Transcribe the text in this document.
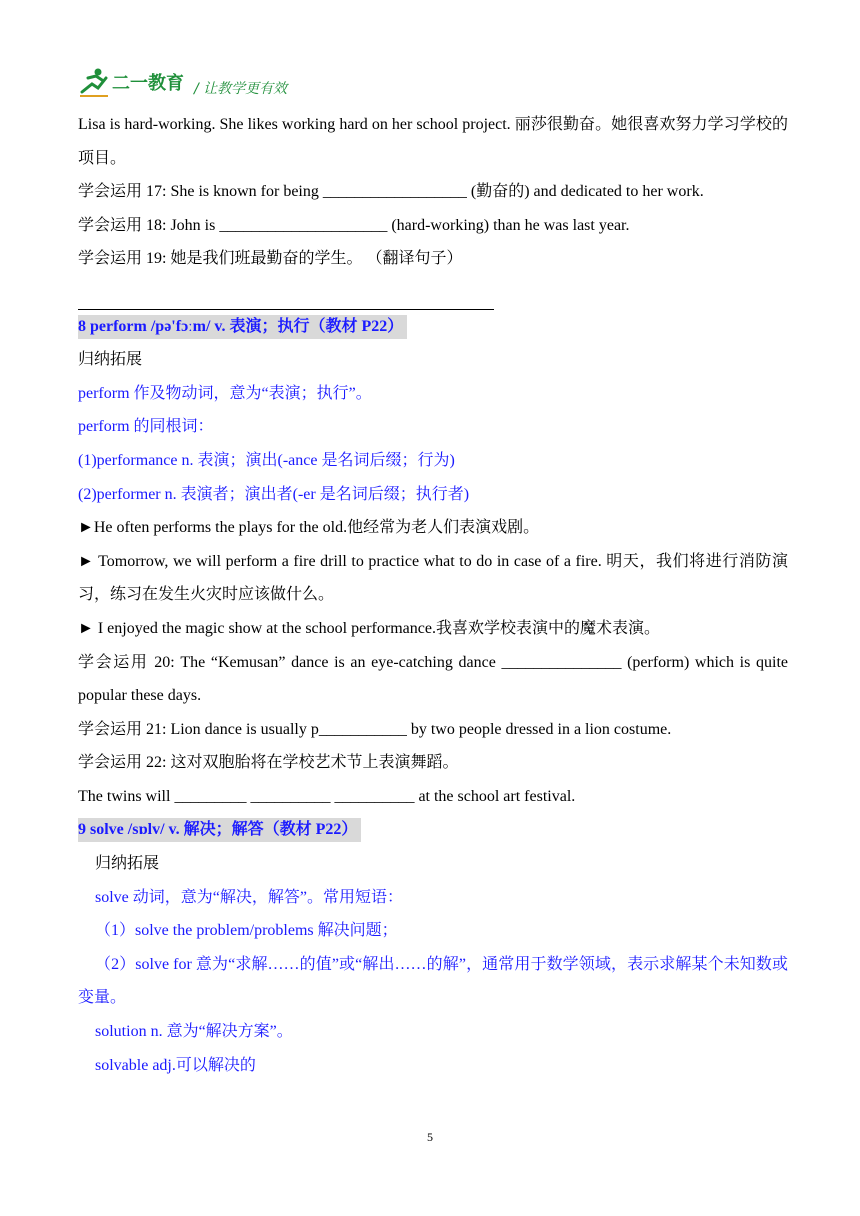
二一教育 / 让教学更有效
Lisa is hard-working. She likes working hard on her school project. 丽莎很勤奋。她很喜欢努力学习学校的项目。
学会运用 17: She is known for being __________________ (勤奋的) and dedicated to her work.
学会运用 18: John is _____________________ (hard-working) than he was last year.
学会运用 19: 她是我们班最勤奋的学生。 （翻译句子）
8 perform /pə'fɔːm/ v. 表演；执行（教材 P22）
归纳拓展
perform 作及物动词，意为“表演；执行”。
perform 的同根词：
(1)performance n. 表演；演出(-ance 是名词后缀；行为)
(2)performer n. 表演者；演出者(-er 是名词后缀；执行者)
►He often performs the plays for the old.他经常为老人们表演戏剧。
► Tomorrow, we will perform a fire drill to practice what to do in case of a fire. 明天，我们将进行消防演习，练习在发生火灾时应该做什么。
► I enjoyed the magic show at the school performance.我喜欢学校表演中的魔术表演。
学会运用 20: The “Kemusan” dance is an eye-catching dance _______________ (perform) which is quite popular these days.
学会运用 21: Lion dance is usually p___________ by two people dressed in a lion costume.
学会运用 22: 这对双胞胎将在学校艺术节上表演舞蹈。
The twins will _________ __________ __________ at the school art festival.
9 solve /sɒlv/ v. 解决；解答（教材 P22）
归纳拓展
solve 动词，意为“解决，解答”。常用短语：
（1）solve the problem/problems 解决问题；
（2）solve for 意为“求解……的值”或“解出……的解”，通常用于数学领域，表示求解某个未知数或变量。
solution n. 意为“解决方案”。
solvable adj.可以解决的
5
